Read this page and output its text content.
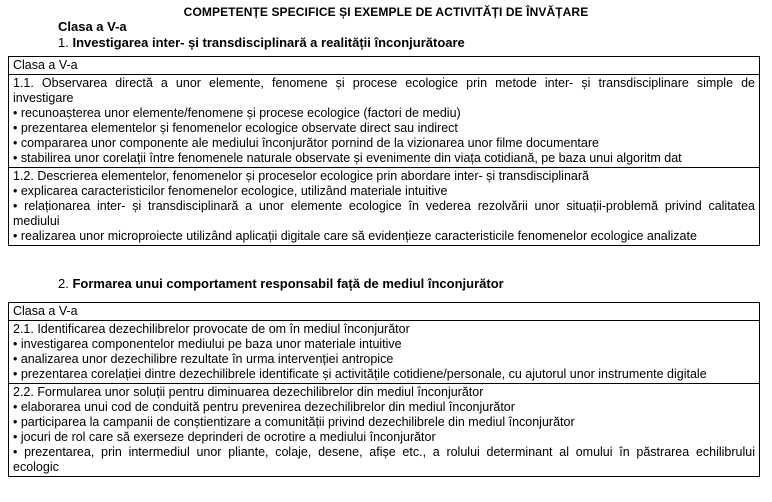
COMPETENȚE SPECIFICE ȘI EXEMPLE DE ACTIVITĂȚI DE ÎNVĂȚARE
Clasa a V-a
1. Investigarea inter- și transdisciplinară a realității înconjurătoare
Clasa a V-a
1.1. Observarea directă a unor elemente, fenomene și procese ecologice prin metode inter- și transdisciplinare simple de
investigare
• recunoașterea unor elemente/fenomene și procese ecologice (factori de mediu)
• prezentarea elementelor și fenomenelor ecologice observate direct sau indirect
• compararea unor componente ale mediului înconjurător pornind de la vizionarea unor filme documentare
• stabilirea unor corelații între fenomenele naturale observate și evenimente din viața cotidiană, pe baza unui algoritm dat
1.2. Descrierea elementelor, fenomenelor și proceselor ecologice prin abordare inter- și transdisciplinară
• explicarea caracteristicilor fenomenelor ecologice, utilizând materiale intuitive
• relaționarea inter- și transdisciplinară a unor elemente ecologice în vederea rezolvării unor situații-problemă privind calitatea
mediului
• realizarea unor microproiecte utilizând aplicații digitale care să evidențieze caracteristicile fenomenelor ecologice analizate
2. Formarea unui comportament responsabil față de mediul înconjurător
Clasa a V-a
2.1. Identificarea dezechilibrelor provocate de om în mediul înconjurător
• investigarea componentelor mediului pe baza unor materiale intuitive
• analizarea unor dezechilibre rezultate în urma intervenției antropice
• prezentarea corelației dintre dezechilibrele identificate și activitățile cotidiene/personale, cu ajutorul unor instrumente digitale
2.2. Formularea unor soluții pentru diminuarea dezechilibrelor din mediul înconjurător
• elaborarea unui cod de conduită pentru prevenirea dezechilibrelor din mediul înconjurător
• participarea la campanii de conștientizare a comunității privind dezechilibrele din mediul înconjurător
• jocuri de rol care să exerseze deprinderi de ocrotire a mediului înconjurător
• prezentarea, prin intermediul unor pliante, colaje, desene, afișe etc., a rolului determinant al omului în păstrarea echilibrului
ecologic
